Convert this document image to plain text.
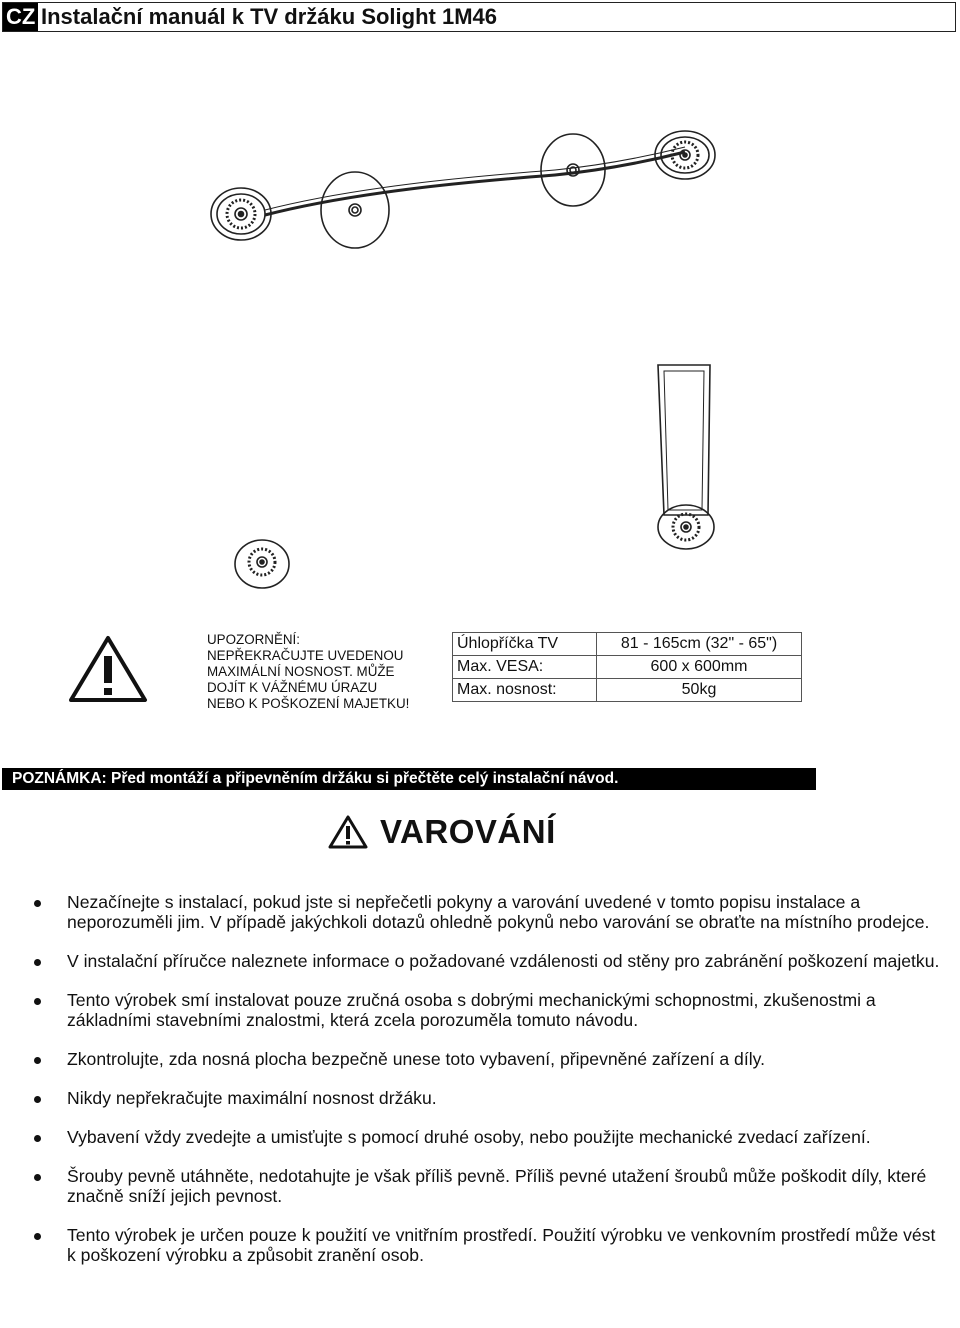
CZ Instalační manuál k TV držáku Solight 1M46
UPOZORNĚNÍ:
NEPŘEKRAČUJTE UVEDENOU
MAXIMÁLNÍ NOSNOST. MŮŽE
DOJÍT K VÁŽNÉMU ÚRAZU
NEBO K POŠKOZENÍ MAJETKU!
Úhlopříčka TV	81 - 165cm (32" - 65")
Max. VESA:	600 x 600mm
Max. nosnost:	50kg
POZNÁMKA: Před montáží a připevněním držáku si přečtěte celý instalační návod.
VAROVÁNÍ
Nezačínejte s instalací, pokud jste si nepřečetli pokyny a varování uvedené v tomto popisu instalace a neporozuměli jim. V případě jakýchkoli dotazů ohledně pokynů nebo varování se obraťte na místního prodejce.
V instalační příručce naleznete informace o požadované vzdálenosti od stěny pro zabránění poškození majetku.
Tento výrobek smí instalovat pouze zručná osoba s dobrými mechanickými schopnostmi, zkušenostmi a základními stavebními znalostmi, která zcela porozuměla tomuto návodu.
Zkontrolujte, zda nosná plocha bezpečně unese toto vybavení, připevněné zařízení a díly.
Nikdy nepřekračujte maximální nosnost držáku.
Vybavení vždy zvedejte a umisťujte s pomocí druhé osoby, nebo použijte mechanické zvedací zařízení.
Šrouby pevně utáhněte, nedotahujte je však příliš pevně. Příliš pevné utažení šroubů může poškodit díly, které značně sníží jejich pevnost.
Tento výrobek je určen pouze k použití ve vnitřním prostředí. Použití výrobku ve venkovním prostředí může vést k poškození výrobku a způsobit zranění osob.
